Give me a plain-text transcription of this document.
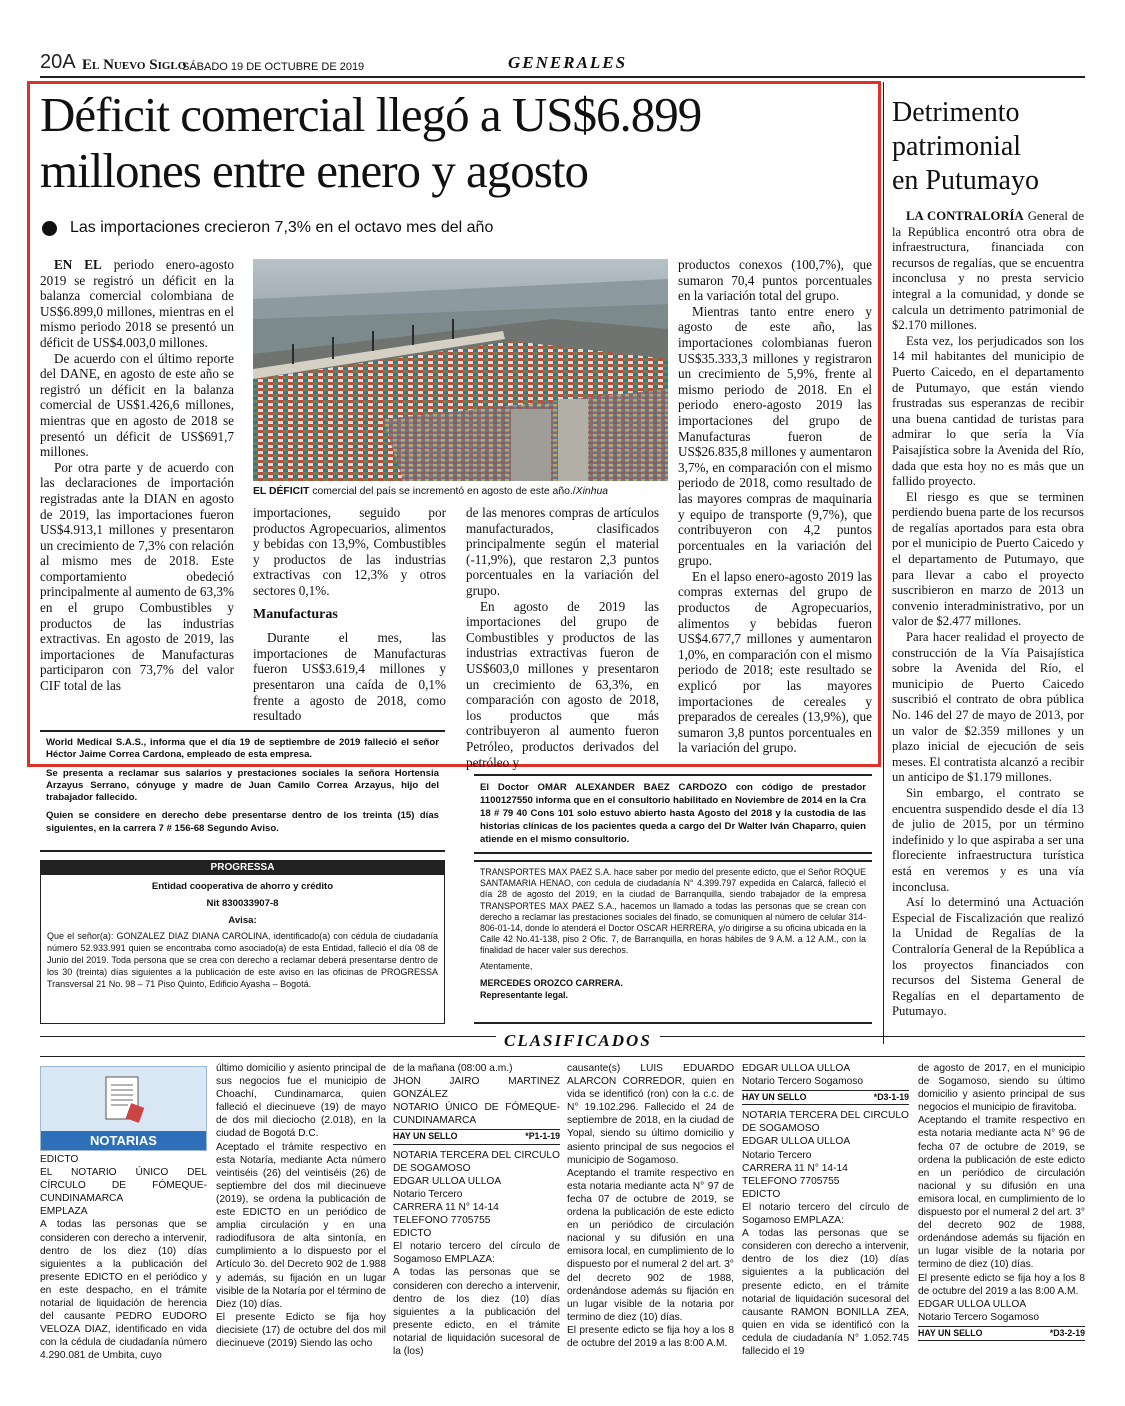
20A El Nuevo Siglo
SÁBADO 19 DE OCTUBRE DE 2019	GENERALES
Déficit comercial llegó a US$6.899
millones entre enero y agosto
Las importaciones crecieron 7,3% en el octavo mes del año

EN EL periodo enero-agosto 2019 se registró un déficit en la balanza comercial colombiana de US$6.899,0 millones, mientras en el mismo periodo 2018 se presentó un déficit de US$4.003,0 millones.

De acuerdo con el último reporte del DANE, en agosto de este año se registró un déficit en la balanza comercial de US$1.426,6 millones, mientras que en agosto de 2018 se presentó un déficit de US$691,7 millones.

Por otra parte y de acuerdo con las declaraciones de importación registradas ante la DIAN en agosto de 2019, las importaciones fueron US$4.913,1 millones y presentaron un crecimiento de 7,3% con relación al mismo mes de 2018. Este comportamiento obedeció principalmente al aumento de 63,3% en el grupo Combustibles y productos de las industrias extractivas. En agosto de 2019, las importaciones de Manufacturas participaron con 73,7% del valor CIF total de las

EL DÉFICIT comercial del país se incrementó en agosto de este año./Xinhua

importaciones, seguido por productos Agropecuarios, alimentos y bebidas con 13,9%, Combustibles y productos de las industrias extractivas con 12,3% y otros sectores 0,1%.

Manufacturas

Durante el mes, las importaciones de Manufacturas fueron US$3.619,4 millones y presentaron una caída de 0,1% frente a agosto de 2018, como resultado

de las menores compras de artículos manufacturados, clasificados principalmente según el material (-11,9%), que restaron 2,3 puntos porcentuales en la variación del grupo.

En agosto de 2019 las importaciones del grupo de Combustibles y productos de las industrias extractivas fueron de US$603,0 millones y presentaron un crecimiento de 63,3%, en comparación con agosto de 2018, los productos que más contribuyeron al aumento fueron Petróleo, productos derivados del petróleo y

productos conexos (100,7%), que sumaron 70,4 puntos porcentuales en la variación total del grupo.

Mientras tanto entre enero y agosto de este año, las importaciones colombianas fueron US$35.333,3 millones y registraron un crecimiento de 5,9%, frente al mismo periodo de 2018. En el periodo enero-agosto 2019 las importaciones del grupo de Manufacturas fueron de US$26.835,8 millones y aumentaron 3,7%, en comparación con el mismo periodo de 2018, como resultado de las mayores compras de maquinaria y equipo de transporte (9,7%), que contribuyeron con 4,2 puntos porcentuales en la variación del grupo.

En el lapso enero-agosto 2019 las compras externas del grupo de productos de Agropecuarios, alimentos y bebidas fueron US$4.677,7 millones y aumentaron 1,0%, en comparación con el mismo periodo de 2018; este resultado se explicó por las mayores importaciones de cereales y preparados de cereales (13,9%), que sumaron 3,8 puntos porcentuales en la variación del grupo.

Detrimento
patrimonial
en Putumayo

LA CONTRALORÍA General de la República encontró otra obra de infraestructura, financiada con recursos de regalías, que se encuentra inconclusa y no presta servicio integral a la comunidad, y donde se calcula un detrimento patrimonial de $2.170 millones.

Esta vez, los perjudicados son los 14 mil habitantes del municipio de Puerto Caicedo, en el departamento de Putumayo, que están viendo frustradas sus esperanzas de recibir una buena cantidad de turistas para admirar lo que sería la Vía Paisajística sobre la Avenida del Río, dada que esta hoy no es más que un fallido proyecto.

El riesgo es que se terminen perdiendo buena parte de los recursos de regalías aportados para esta obra por el municipio de Puerto Caicedo y el departamento de Putumayo, que para llevar a cabo el proyecto suscribieron en marzo de 2013 un convenio interadministrativo, por un valor de $2.477 millones.

Para hacer realidad el proyecto de construcción de la Vía Paisajística sobre la Avenida del Río, el municipio de Puerto Caicedo suscribió el contrato de obra pública No. 146 del 27 de mayo de 2013, por un valor de $2.359 millones y un plazo inicial de ejecución de seis meses. El contratista alcanzó a recibir un anticipo de $1.179 millones.

Sin embargo, el contrato se encuentra suspendido desde el día 13 de julio de 2015, por un término indefinido y lo que aspiraba a ser una floreciente infraestructura turística está en veremos y es una vía inconclusa.

Así lo determinó una Actuación Especial de Fiscalización que realizó la Unidad de Regalías de la Contraloría General de la República a los proyectos financiados con recursos del Sistema General de Regalías en el departamento de Putumayo.

World Medical S.A.S., informa que el día 19 de septiembre de 2019 falleció el señor Héctor Jaime Correa Cardona, empleado de esta empresa.
Se presenta a reclamar sus salarios y prestaciones sociales la señora Hortensia Arzayus Serrano, cónyuge y madre de Juan Camilo Correa Arzayus, hijo del trabajador fallecido.
Quien se considere en derecho debe presentarse dentro de los treinta (15) días siguientes, en la carrera 7 # 156-68 Segundo Aviso.
PROGRESSA
Entidad cooperativa de ahorro y crédito
Nit 830033907-8
Avisa:
Que el señor(a): GONZALEZ DIAZ DIANA CAROLINA, identificado(a) con cédula de ciudadanía número 52.933.991 quien se encontraba como asociado(a) de esta Entidad, falleció el día 08 de Junio del 2019. Toda persona que se crea con derecho a reclamar deberá presentarse dentro de los 30 (treinta) días siguientes a la publicación de este aviso en las oficinas de PROGRESSA Transversal 21 No. 98 – 71 Piso Quinto, Edificio Ayasha – Bogotá.
El Doctor OMAR ALEXANDER BAEZ CARDOZO con código de prestador 1100127550 informa que en el consultorio habilitado en Noviembre de 2014 en la Cra 18 # 79 40 Cons 101 solo estuvo abierto hasta Agosto del 2018 y la custodia de las historias clínicas de los pacientes queda a cargo del Dr Walter Iván Chaparro, quien atiende en el mismo consultorio.
TRANSPORTES MAX PAEZ S.A. hace saber por medio del presente edicto, que el Señor ROQUE SANTAMARIA HENAO, con cedula de ciudadanía N° 4.399.797 expedida en Calarcá, falleció el día 28 de agosto del 2019, en la ciudad de Barranquilla, siendo trabajador de la empresa TRANSPORTES MAX PAEZ S.A., hacemos un llamado a todas las personas que se crean con derecho a reclamar las prestaciones sociales del finado, se comuniquen al número de celular 314-806-01-14, donde lo atenderá el Doctor OSCAR HERRERA, y/o dirigirse a su oficina ubicada en la Calle 42 No.41-138, piso 2 Ofic. 7, de Barranquilla, en horas hábiles de 9 A.M. a 12 A.M., con la finalidad de hacer valer sus derechos.
Atentamente,
MERCEDES OROZCO CARRERA.
Representante legal.
CLASIFICADOS
NOTARIAS
EDICTO
EL NOTARIO ÚNICO DEL CÍRCULO DE FÓMEQUE-CUNDINAMARCA
EMPLAZA
A todas las personas que se consideren con derecho a intervenir, dentro de los diez (10) días siguientes a la publicación del presente EDICTO en el periódico y en este despacho, en el trámite notarial de liquidación de herencia del causante PEDRO EUDORO VELOZA DIAZ, identificado en vida con la cédula de ciudadanía número 4.290.081 de Umbita, cuyo
último domicilio y asiento principal de sus negocios fue el municipio de Choachí, Cundinamarca, quien falleció el diecinueve (19) de mayo de dos mil dieciocho (2.018), en la ciudad de Bogotá D.C.
Aceptado el trámite respectivo en esta Notaría, mediante Acta número veintiséis (26) del veintiséis (26) de septiembre del dos mil diecinueve (2019), se ordena la publicación de este EDICTO en un periódico de amplia circulación y en una radiodifusora de alta sintonía, en cumplimiento a lo dispuesto por el Artículo 3o. del Decreto 902 de 1.988 y además, su fijación en un lugar visible de la Notaría por el término de Diez (10) días.
El presente Edicto se fija hoy diecisiete (17) de octubre del dos mil diecinueve (2019) Siendo las ocho
de la mañana (08:00 a.m.)
JHON JAIRO MARTINEZ GONZÁLEZ
NOTARIO ÚNICO DE FÓMEQUE-CUNDINAMARCA
HAY UN SELLO	*P1-1-19
NOTARIA TERCERA DEL CIRCULO DE SOGAMOSO
EDGAR ULLOA ULLOA
Notario Tercero
CARRERA 11 N° 14-14
TELEFONO 7705755
EDICTO
El notario tercero del círculo de Sogamoso EMPLAZA:
A todas las personas que se consideren con derecho a intervenir, dentro de los diez (10) días siguientes a la publicación del presente edicto, en el trámite notarial de liquidación sucesoral de la (los)
causante(s) LUIS EDUARDO ALARCON CORREDOR, quien en vida se identificó (ron) con la c.c. de N° 19.102.296. Fallecido el 24 de septiembre de 2018, en la ciudad de Yopal, siendo su último domicilio y asiento principal de sus negocios el municipio de Sogamoso.
Aceptando el tramite respectivo en esta notaria mediante acta N° 97 de fecha 07 de octubre de 2019, se ordena la publicación de este edicto en un periódico de circulación nacional y su difusión en una emisora local, en cumplimiento de lo dispuesto por el numeral 2 del art. 3° del decreto 902 de 1988, ordenándose además su fijación en un lugar visible de la notaria por termino de diez (10) días.
El presente edicto se fija hoy a los 8 de octubre del 2019 a las 8:00 A.M.
EDGAR ULLOA ULLOA
Notario Tercero Sogamoso
HAY UN SELLO	*D3-1-19
NOTARIA TERCERA DEL CIRCULO DE SOGAMOSO
EDGAR ULLOA ULLOA
Notario Tercero
CARRERA 11 N° 14-14
TELEFONO 7705755
EDICTO
El notario tercero del círculo de Sogamoso EMPLAZA:
A todas las personas que se consideren con derecho a intervenir, dentro de los diez (10) días siguientes a la publicación del presente edicto, en el trámite notarial de liquidación sucesoral del causante RAMON BONILLA ZEA, quien en vida se identificó con la cedula de ciudadanía N° 1.052.745 fallecido el 19
de agosto de 2017, en el municipio de Sogamoso, siendo su último domicilio y asiento principal de sus negocios el municipio de firavitoba.
Aceptando el tramite respectivo en esta notaria mediante acta N° 96 de fecha 07 de octubre de 2019, se ordena la publicación de este edicto en un periódico de circulación nacional y su difusión en una emisora local, en cumplimiento de lo dispuesto por el numeral 2 del art. 3° del decreto 902 de 1988, ordenándose además su fijación en un lugar visible de la notaria por termino de diez (10) días.
El presente edicto se fija hoy a los 8 de octubre del 2019 a las 8:00 A.M.
EDGAR ULLOA ULLOA
Notario Tercero Sogamoso
HAY UN SELLO	*D3-2-19
